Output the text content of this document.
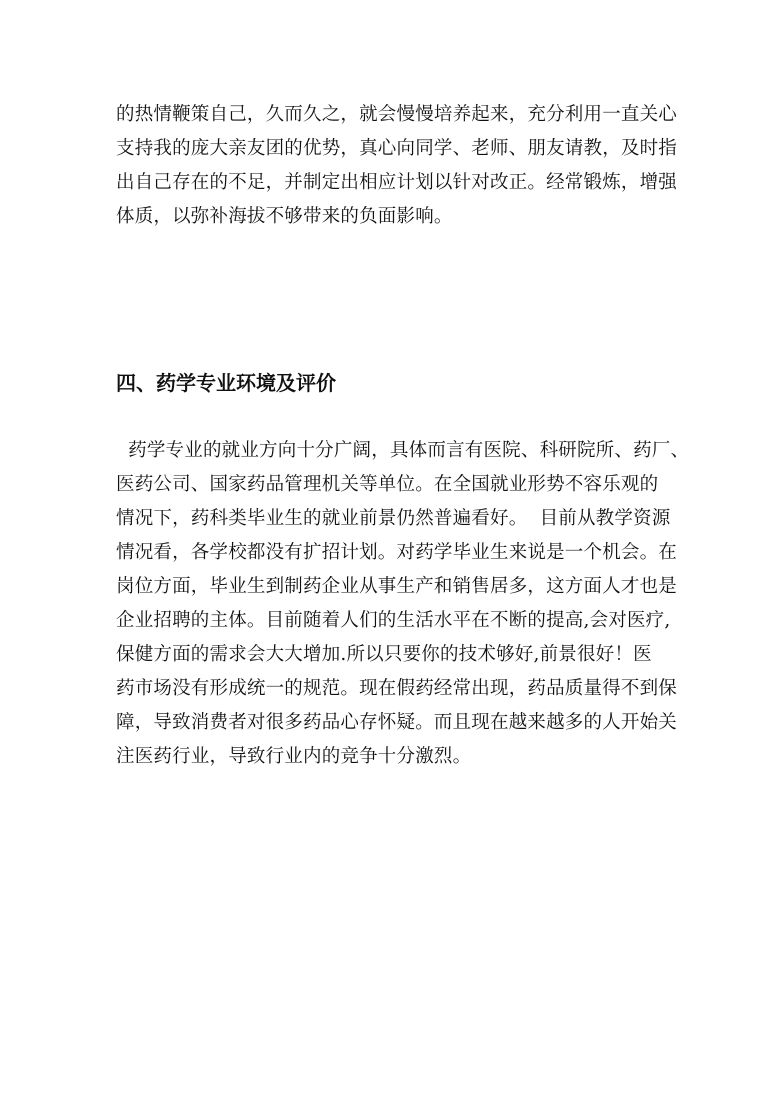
的热情鞭策自己，久而久之，就会慢慢培养起来，充分利用一直关心
支持我的庞大亲友团的优势，真心向同学、老师、朋友请教，及时指
出自己存在的不足，并制定出相应计划以针对改正。经常锻炼，增强
体质，以弥补海拔不够带来的负面影响。
四、药学专业环境及评价
药学专业的就业方向十分广阔，具体而言有医院、科研院所、药厂、
医药公司、国家药品管理机关等单位。在全国就业形势不容乐观的
情况下，药科类毕业生的就业前景仍然普遍看好。  目前从教学资源
情况看，各学校都没有扩招计划。对药学毕业生来说是一个机会。在
岗位方面，毕业生到制药企业从事生产和销售居多，这方面人才也是
企业招聘的主体。目前随着人们的生活水平在不断的提高,会对医疗,
保健方面的需求会大大增加.所以只要你的技术够好,前景很好！医
药市场没有形成统一的规范。现在假药经常出现，药品质量得不到保
障，导致消费者对很多药品心存怀疑。而且现在越来越多的人开始关
注医药行业，导致行业内的竞争十分激烈。
